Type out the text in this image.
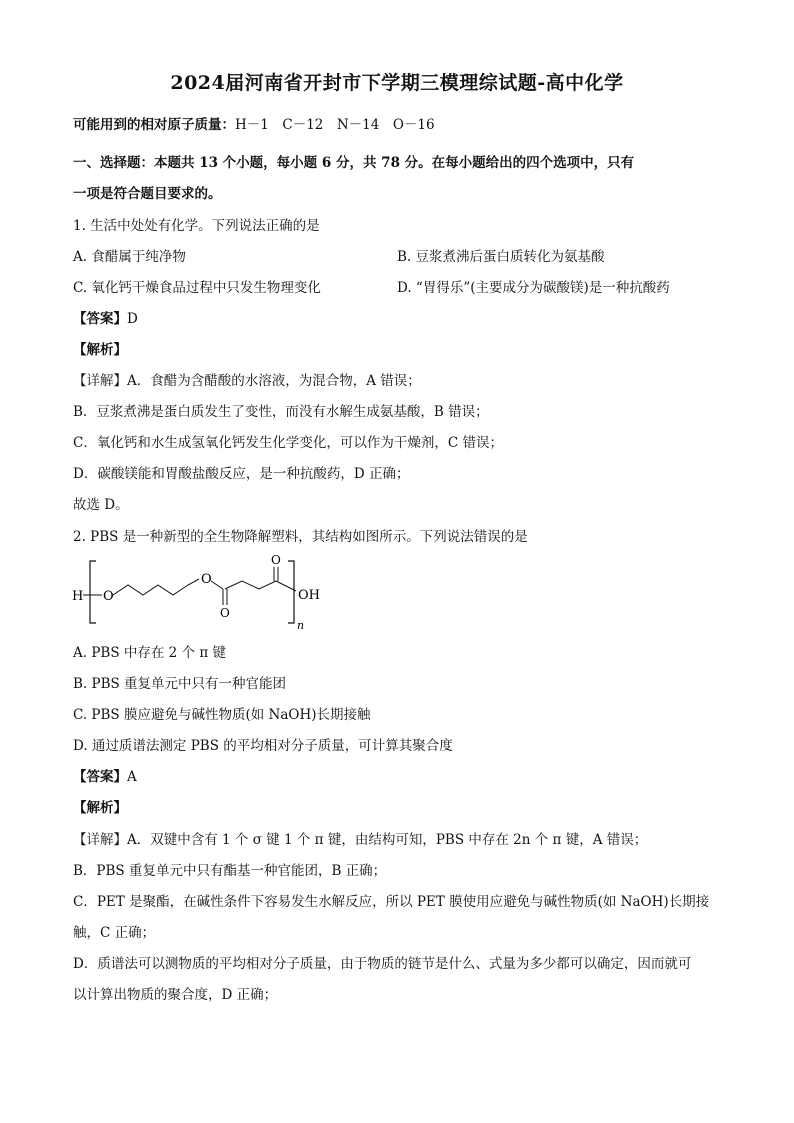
2024届河南省开封市下学期三模理综试题-高中化学
可能用到的相对原子质量：H－1　C－12　N－14　O－16
一、选择题：本题共 13 个小题，每小题 6 分，共 78 分。在每小题给出的四个选项中，只有
一项是符合题目要求的。
1. 生活中处处有化学。下列说法正确的是
A. 食醋属于纯净物	B. 豆浆煮沸后蛋白质转化为氨基酸
C. 氧化钙干燥食品过程中只发生物理变化	D. “胃得乐”(主要成分为碳酸镁)是一种抗酸药
【答案】D
【解析】
【详解】A．食醋为含醋酸的水溶液，为混合物，A 错误；
B．豆浆煮沸是蛋白质发生了变性，而没有水解生成氨基酸，B 错误；
C．氧化钙和水生成氢氧化钙发生化学变化，可以作为干燥剂，C 错误；
D．碳酸镁能和胃酸盐酸反应，是一种抗酸药，D 正确；
故选 D。
2. PBS 是一种新型的全生物降解塑料，其结构如图所示。下列说法错误的是
H O
O
O
O
OH
n
A. PBS 中存在 2 个 π 键
B. PBS 重复单元中只有一种官能团
C. PBS 膜应避免与碱性物质(如 NaOH)长期接触
D. 通过质谱法测定 PBS 的平均相对分子质量，可计算其聚合度
【答案】A
【解析】
【详解】A．双键中含有 1 个 σ 键 1 个 π 键，由结构可知，PBS 中存在 2n 个 π 键，A 错误；
B．PBS 重复单元中只有酯基一种官能团，B 正确；
C．PET 是聚酯，在碱性条件下容易发生水解反应，所以 PET 膜使用应避免与碱性物质(如 NaOH)长期接
触，C 正确；
D．质谱法可以测物质的平均相对分子质量，由于物质的链节是什么、式量为多少都可以确定，因而就可
以计算出物质的聚合度，D 正确；
